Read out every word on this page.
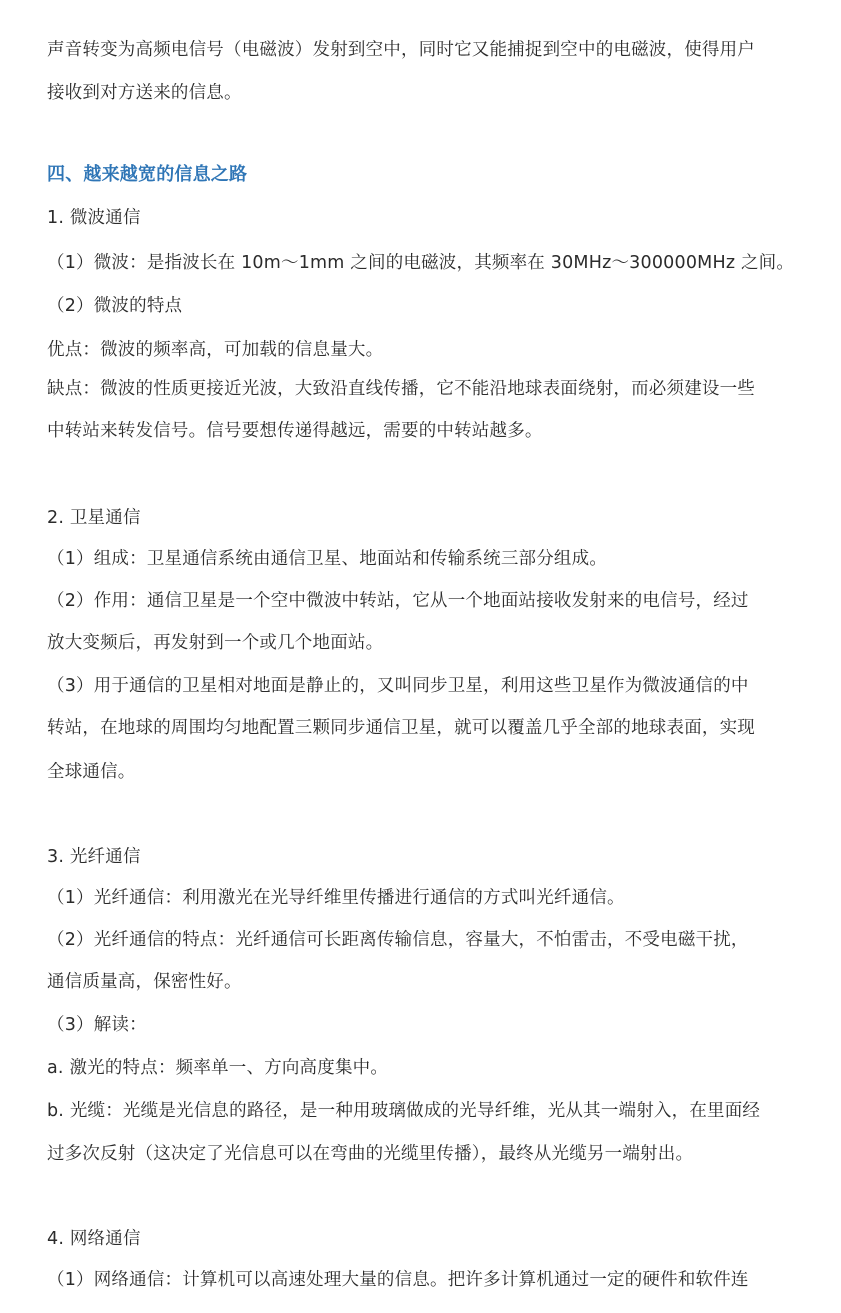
声音转变为高频电信号（电磁波）发射到空中，同时它又能捕捉到空中的电磁波，使得用户
接收到对方送来的信息。
四、越来越宽的信息之路
1. 微波通信
（1）微波：是指波长在 10m～1mm 之间的电磁波，其频率在 30MHz～300000MHz 之间。
（2）微波的特点
优点：微波的频率高，可加载的信息量大。
缺点：微波的性质更接近光波，大致沿直线传播，它不能沿地球表面绕射，而必须建设一些
中转站来转发信号。信号要想传递得越远，需要的中转站越多。
2. 卫星通信
（1）组成：卫星通信系统由通信卫星、地面站和传输系统三部分组成。
（2）作用：通信卫星是一个空中微波中转站，它从一个地面站接收发射来的电信号，经过
放大变频后，再发射到一个或几个地面站。
（3）用于通信的卫星相对地面是静止的，又叫同步卫星，利用这些卫星作为微波通信的中
转站，在地球的周围均匀地配置三颗同步通信卫星，就可以覆盖几乎全部的地球表面，实现
全球通信。
3. 光纤通信
（1）光纤通信：利用激光在光导纤维里传播进行通信的方式叫光纤通信。
（2）光纤通信的特点：光纤通信可长距离传输信息，容量大，不怕雷击，不受电磁干扰，
通信质量高，保密性好。
（3）解读：
a. 激光的特点：频率单一、方向高度集中。
b. 光缆：光缆是光信息的路径，是一种用玻璃做成的光导纤维，光从其一端射入，在里面经
过多次反射（这决定了光信息可以在弯曲的光缆里传播），最终从光缆另一端射出。
4. 网络通信
（1）网络通信：计算机可以高速处理大量的信息。把许多计算机通过一定的硬件和软件连
